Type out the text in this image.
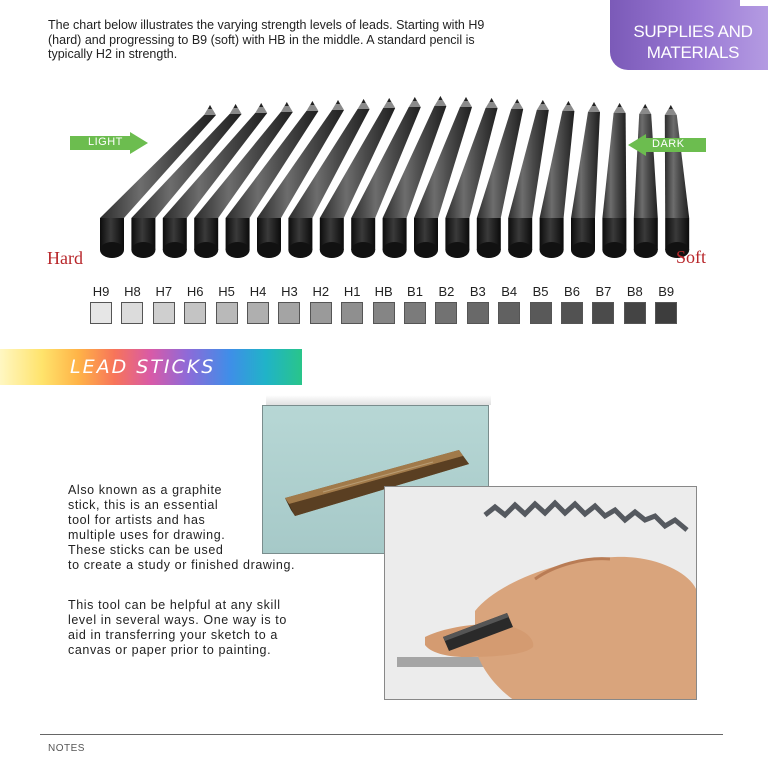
The chart below illustrates the varying strength levels of leads. Starting with H9
(hard) and progressing to B9 (soft) with HB in the middle. A standard pencil is
typically H2 in strength.
SUPPLIES AND
MATERIALS
LIGHT	DARK
Hard	Soft
H9	H8	H7	H6	H5	H4	H3	H2	H1	HB	B1	B2	B3	B4	B5	B6	B7	B8	B9
LEAD STICKS
Also known as a graphite
stick, this is an essential
tool for artists and has
multiple uses for drawing.
These sticks can be used
to create a study or finished drawing.
This tool can be helpful at any skill
level in several ways. One way is to
aid in transferring your sketch to a
canvas or paper prior to painting.
NOTES
